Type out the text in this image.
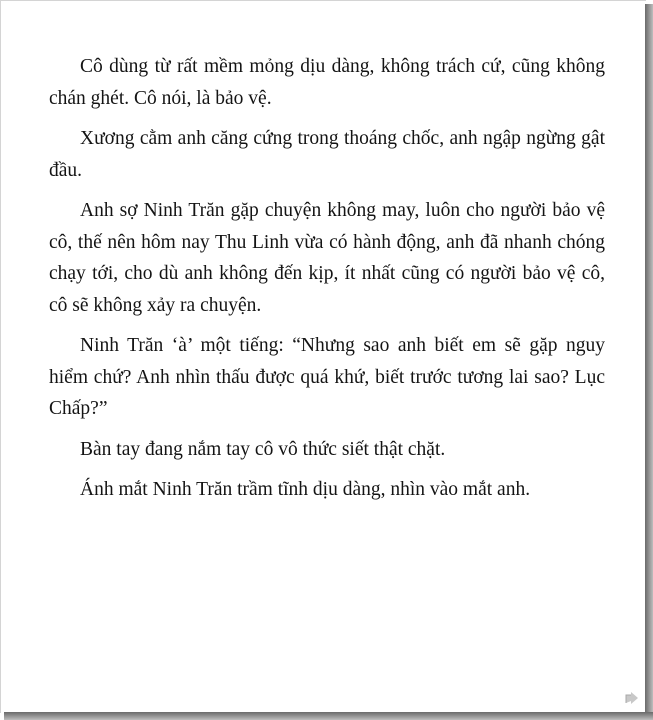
Cô dùng từ rất mềm mỏng dịu dàng, không trách cứ, cũng không chán ghét. Cô nói, là bảo vệ.

Xương cằm anh căng cứng trong thoáng chốc, anh ngập ngừng gật đầu.

Anh sợ Ninh Trăn gặp chuyện không may, luôn cho người bảo vệ cô, thế nên hôm nay Thu Linh vừa có hành động, anh đã nhanh chóng chạy tới, cho dù anh không đến kịp, ít nhất cũng có người bảo vệ cô, cô sẽ không xảy ra chuyện.

Ninh Trăn ‘à’ một tiếng: “Nhưng sao anh biết em sẽ gặp nguy hiểm chứ? Anh nhìn thấu được quá khứ, biết trước tương lai sao? Lục Chấp?”

Bàn tay đang nắm tay cô vô thức siết thật chặt.

Ánh mắt Ninh Trăn trầm tĩnh dịu dàng, nhìn vào mắt anh.
